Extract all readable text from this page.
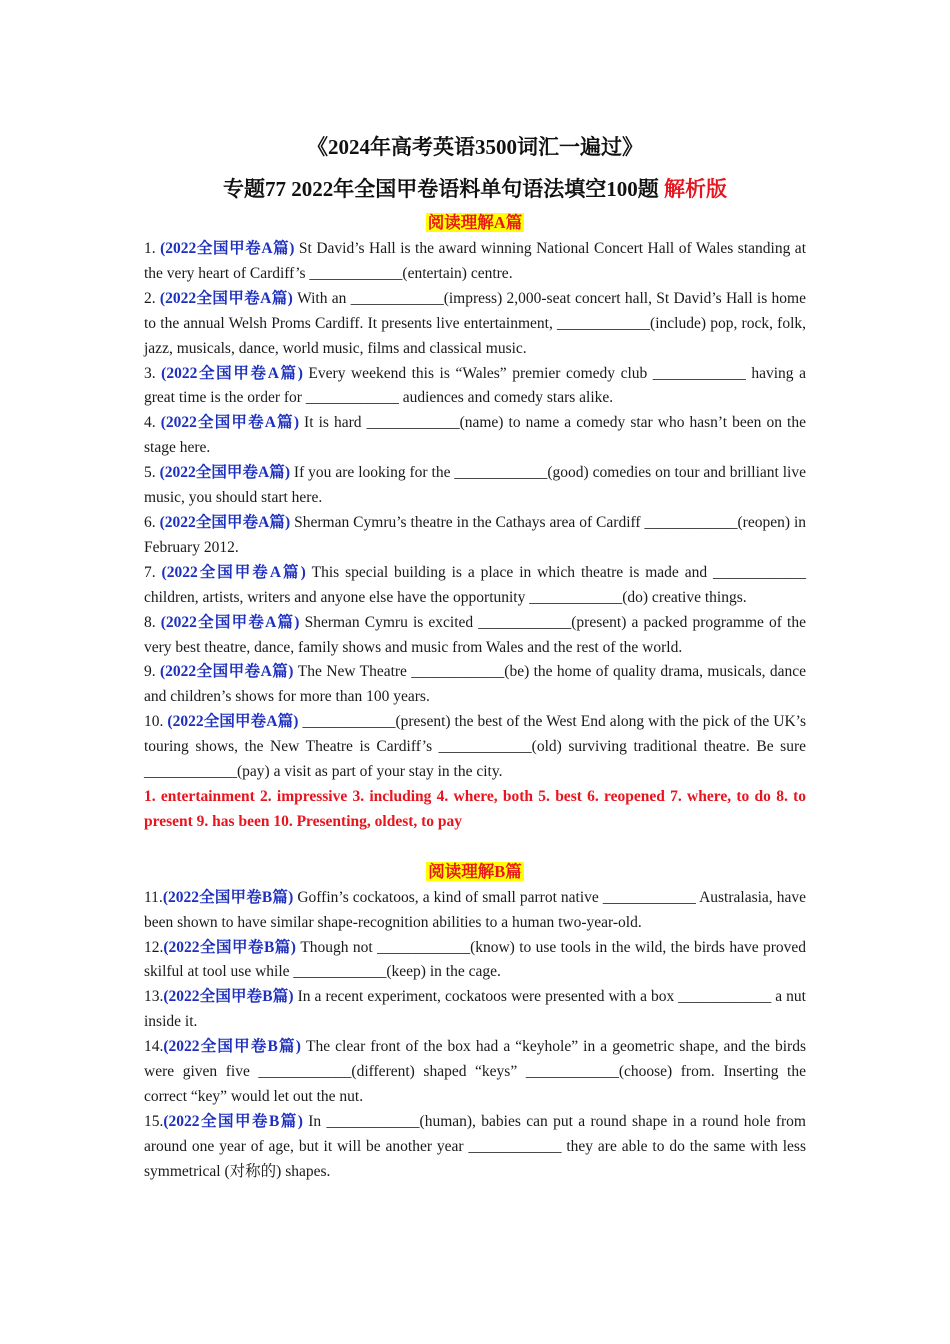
《2024年高考英语3500词汇一遍过》

专题77 2022年全国甲卷语料单句语法填空100题 解析版

阅读理解A篇

1. (2022全国甲卷A篇) St David’s Hall is the award winning National Concert Hall of Wales standing at the very heart of Cardiff’s ____________(entertain) centre.

2. (2022全国甲卷A篇) With an ____________(impress) 2,000-seat concert hall, St David’s Hall is home to the annual Welsh Proms Cardiff. It presents live entertainment, ____________(include) pop, rock, folk, jazz, musicals, dance, world music, films and classical music.

3. (2022全国甲卷A篇) Every weekend this is “Wales” premier comedy club ____________ having a great time is the order for ____________ audiences and comedy stars alike.

4. (2022全国甲卷A篇) It is hard ____________(name) to name a comedy star who hasn’t been on the stage here.

5. (2022全国甲卷A篇) If you are looking for the ____________(good) comedies on tour and brilliant live music, you should start here.

6. (2022全国甲卷A篇) Sherman Cymru’s theatre in the Cathays area of Cardiff ____________(reopen) in February 2012.

7. (2022全国甲卷A篇) This special building is a place in which theatre is made and ____________ children, artists, writers and anyone else have the opportunity ____________(do) creative things.

8. (2022全国甲卷A篇) Sherman Cymru is excited ____________(present) a packed programme of the very best theatre, dance, family shows and music from Wales and the rest of the world.

9. (2022全国甲卷A篇) The New Theatre ____________(be) the home of quality drama, musicals, dance and children’s shows for more than 100 years.

10. (2022全国甲卷A篇) ____________(present) the best of the West End along with the pick of the UK’s touring shows, the New Theatre is Cardiff’s ____________(old) surviving traditional theatre. Be sure ____________(pay) a visit as part of your stay in the city.

1. entertainment 2. impressive 3. including 4. where, both 5. best 6. reopened 7. where, to do 8. to present 9. has been 10. Presenting, oldest, to pay

阅读理解B篇

11.(2022全国甲卷B篇) Goffin’s cockatoos, a kind of small parrot native ____________ Australasia, have been shown to have similar shape-recognition abilities to a human two-year-old.

12.(2022全国甲卷B篇) Though not ____________(know) to use tools in the wild, the birds have proved skilful at tool use while ____________(keep) in the cage.

13.(2022全国甲卷B篇) In a recent experiment, cockatoos were presented with a box ____________ a nut inside it.

14.(2022全国甲卷B篇) The clear front of the box had a “keyhole” in a geometric shape, and the birds were given five ____________(different) shaped “keys” ____________(choose) from. Inserting the correct “key” would let out the nut.

15.(2022全国甲卷B篇) In ____________(human), babies can put a round shape in a round hole from around one year of age, but it will be another year ____________ they are able to do the same with less symmetrical (对称的) shapes.
